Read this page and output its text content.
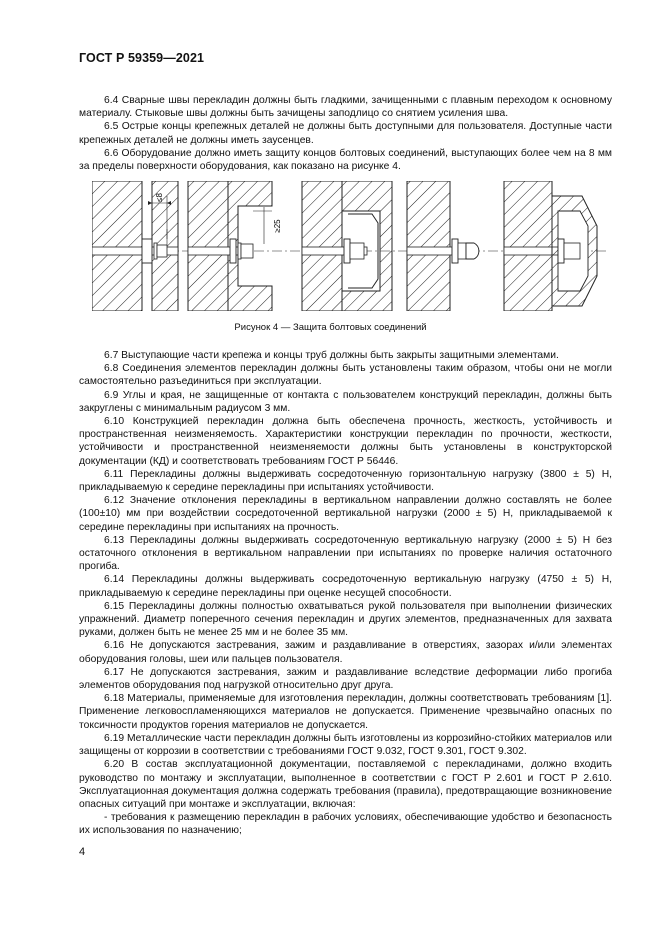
ГОСТ Р 59359—2021

6.4 Сварные швы перекладин должны быть гладкими, зачищенными с плавным переходом к основному материалу. Стыковые швы должны быть зачищены заподлицо со снятием усиления шва.

6.5 Острые концы крепежных деталей не должны быть доступными для пользователя. Доступные части крепежных деталей не должны иметь заусенцев.

6.6 Оборудование должно иметь защиту концов болтовых соединений, выступающих более чем на 8 мм за пределы поверхности оборудования, как показано на рисунке 4.

≤8
≥25
Рисунок 4 — Защита болтовых соединений

6.7 Выступающие части крепежа и концы труб должны быть закрыты защитными элементами.

6.8 Соединения элементов перекладин должны быть установлены таким образом, чтобы они не могли самостоятельно разъединиться при эксплуатации.

6.9 Углы и края, не защищенные от контакта с пользователем конструкций перекладин, должны быть закруглены с минимальным радиусом 3 мм.

6.10 Конструкцией перекладин должна быть обеспечена прочность, жесткость, устойчивость и пространственная неизменяемость. Характеристики конструкции перекладин по прочности, жесткости, устойчивости и пространственной неизменяемости должны быть установлены в конструкторской документации (КД) и соответствовать требованиям ГОСТ Р 56446.

6.11 Перекладины должны выдерживать сосредоточенную горизонтальную нагрузку (3800 ± 5) Н, прикладываемую к середине перекладины при испытаниях устойчивости.

6.12 Значение отклонения перекладины в вертикальном направлении должно составлять не более (100±10) мм при воздействии сосредоточенной вертикальной нагрузки (2000 ± 5) Н, прикладываемой к середине перекладины при испытаниях на прочность.

6.13 Перекладины должны выдерживать сосредоточенную вертикальную нагрузку (2000 ± 5) Н без остаточного отклонения в вертикальном направлении при испытаниях по проверке наличия остаточного прогиба.

6.14 Перекладины должны выдерживать сосредоточенную вертикальную нагрузку (4750 ± 5) Н, прикладываемую к середине перекладины при оценке несущей способности.

6.15 Перекладины должны полностью охватываться рукой пользователя при выполнении физических упражнений. Диаметр поперечного сечения перекладин и других элементов, предназначенных для захвата руками, должен быть не менее 25 мм и не более 35 мм.

6.16 Не допускаются застревания, зажим и раздавливание в отверстиях, зазорах и/или элементах оборудования головы, шеи или пальцев пользователя.

6.17 Не допускаются застревания, зажим и раздавливание вследствие деформации либо прогиба элементов оборудования под нагрузкой относительно друг друга.

6.18 Материалы, применяемые для изготовления перекладин, должны соответствовать требованиям [1]. Применение легковоспламеняющихся материалов не допускается. Применение чрезвычайно опасных по токсичности продуктов горения материалов не допускается.

6.19 Металлические части перекладин должны быть изготовлены из коррозийно-стойких материалов или защищены от коррозии в соответствии с требованиями ГОСТ 9.032, ГОСТ 9.301, ГОСТ 9.302.

6.20 В состав эксплуатационной документации, поставляемой с перекладинами, должно входить руководство по монтажу и эксплуатации, выполненное в соответствии с ГОСТ Р 2.601 и ГОСТ Р 2.610. Эксплуатационная документация должна содержать требования (правила), предотвращающие возникновение опасных ситуаций при монтаже и эксплуатации, включая:

- требования к размещению перекладин в рабочих условиях, обеспечивающие удобство и безопасность их использования по назначению;

4
